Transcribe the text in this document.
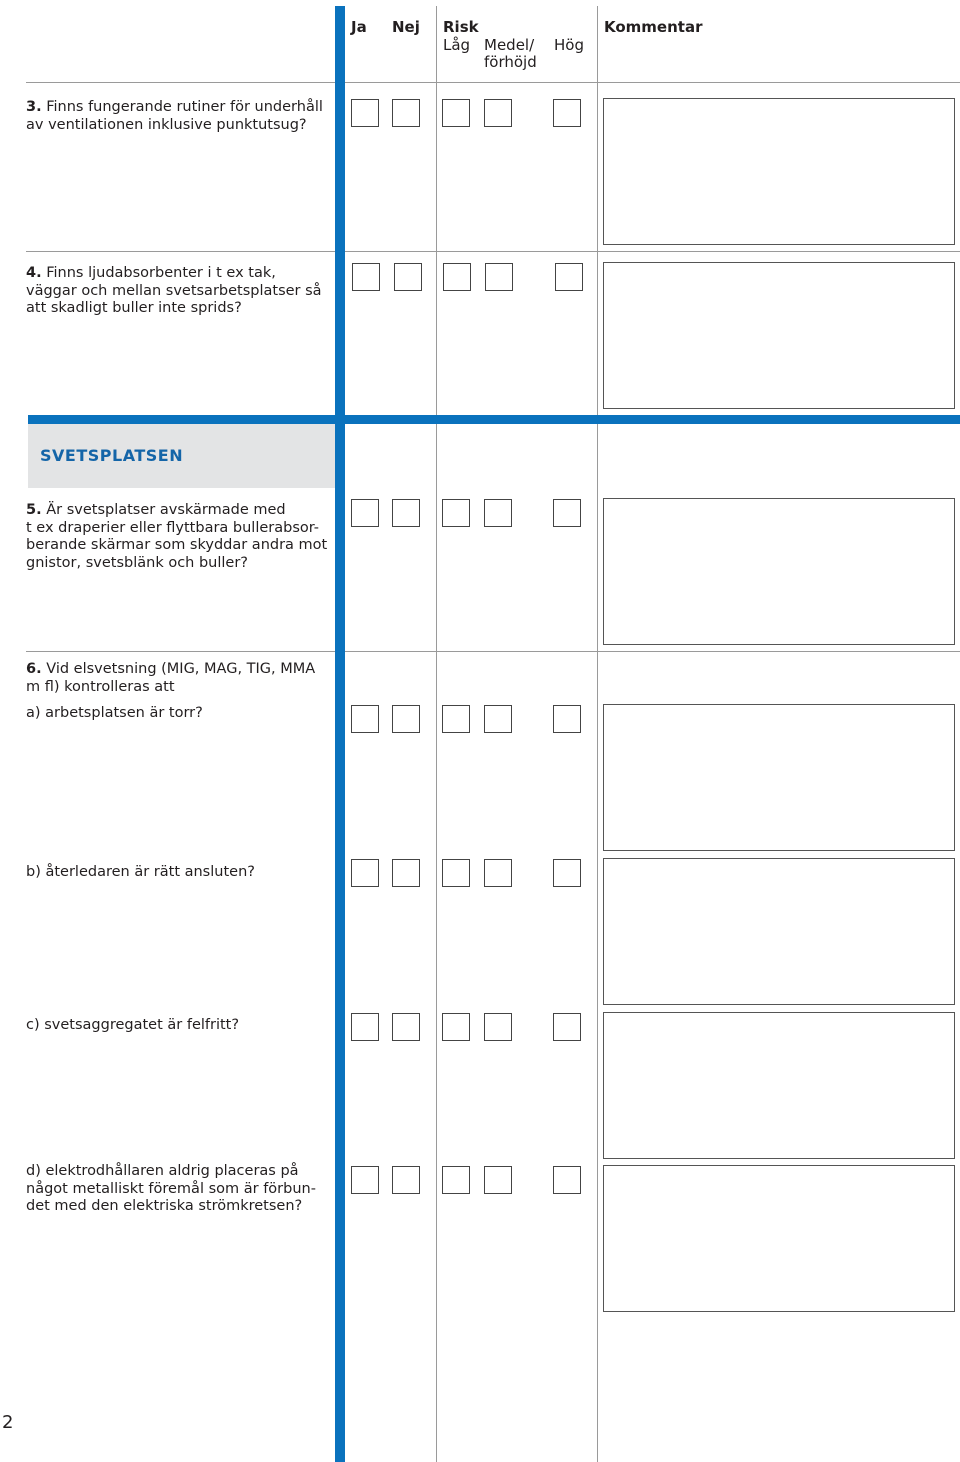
SVETSPLATSEN
Ja Nej Risk
Låg Medel/
förhöjd
Hög
Kommentar
3. Finns fungerande rutiner för underhåll
av ventilationen inklusive punktutsug?
4. Finns ljudabsorbenter i t ex tak,
väggar och mellan svetsarbetsplatser så
att skadligt buller inte sprids?
5. Är svetsplatser avskärmade med
t ex draperier eller flyttbara bullerabsor-
berande skärmar som skyddar andra mot
gnistor, svetsblänk och buller?
6. Vid elsvetsning (MIG, MAG, TIG, MMA
m fl) kontrolleras att
a) arbetsplatsen är torr?
b) återledaren är rätt ansluten?
c) svetsaggregatet är felfritt?
d) elektrodhållaren aldrig placeras på
något metalliskt föremål som är förbun-
det med den elektriska strömkretsen?
2
